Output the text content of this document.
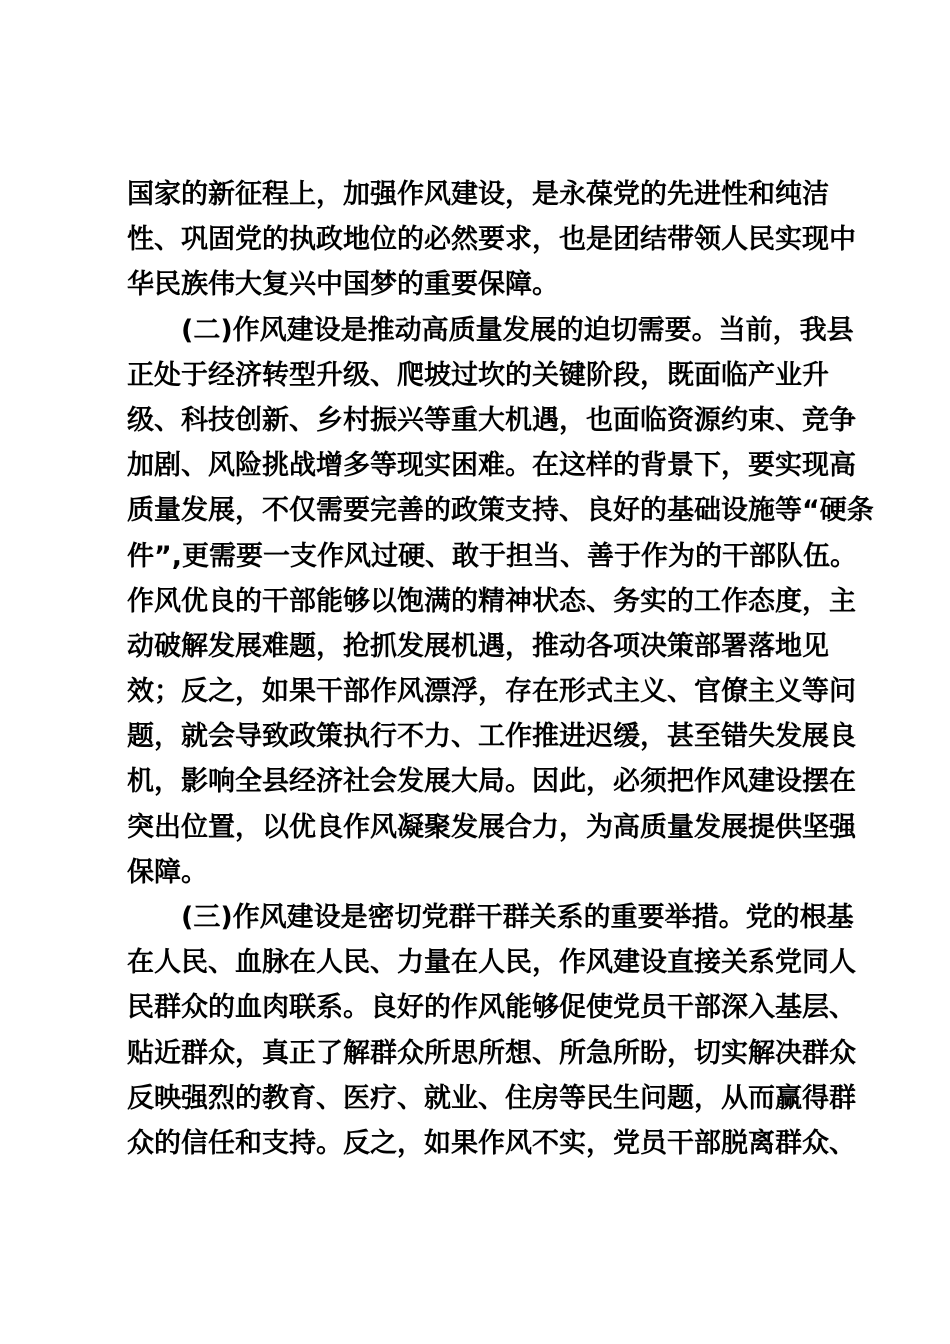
国家的新征程上，加强作风建设，是永葆党的先进性和纯洁
性、巩固党的执政地位的必然要求，也是团结带领人民实现中
华民族伟大复兴中国梦的重要保障。
(二)作风建设是推动高质量发展的迫切需要。当前，我县
正处于经济转型升级、爬坡过坎的关键阶段，既面临产业升
级、科技创新、乡村振兴等重大机遇，也面临资源约束、竞争
加剧、风险挑战增多等现实困难。在这样的背景下，要实现高
质量发展，不仅需要完善的政策支持、良好的基础设施等“硬条
件”,更需要一支作风过硬、敢于担当、善于作为的干部队伍。
作风优良的干部能够以饱满的精神状态、务实的工作态度，主
动破解发展难题，抢抓发展机遇，推动各项决策部署落地见
效；反之，如果干部作风漂浮，存在形式主义、官僚主义等问
题，就会导致政策执行不力、工作推进迟缓，甚至错失发展良
机，影响全县经济社会发展大局。因此，必须把作风建设摆在
突出位置，以优良作风凝聚发展合力，为高质量发展提供坚强
保障。
(三)作风建设是密切党群干群关系的重要举措。党的根基
在人民、血脉在人民、力量在人民，作风建设直接关系党同人
民群众的血肉联系。良好的作风能够促使党员干部深入基层、
贴近群众，真正了解群众所思所想、所急所盼，切实解决群众
反映强烈的教育、医疗、就业、住房等民生问题，从而赢得群
众的信任和支持。反之，如果作风不实，党员干部脱离群众、
